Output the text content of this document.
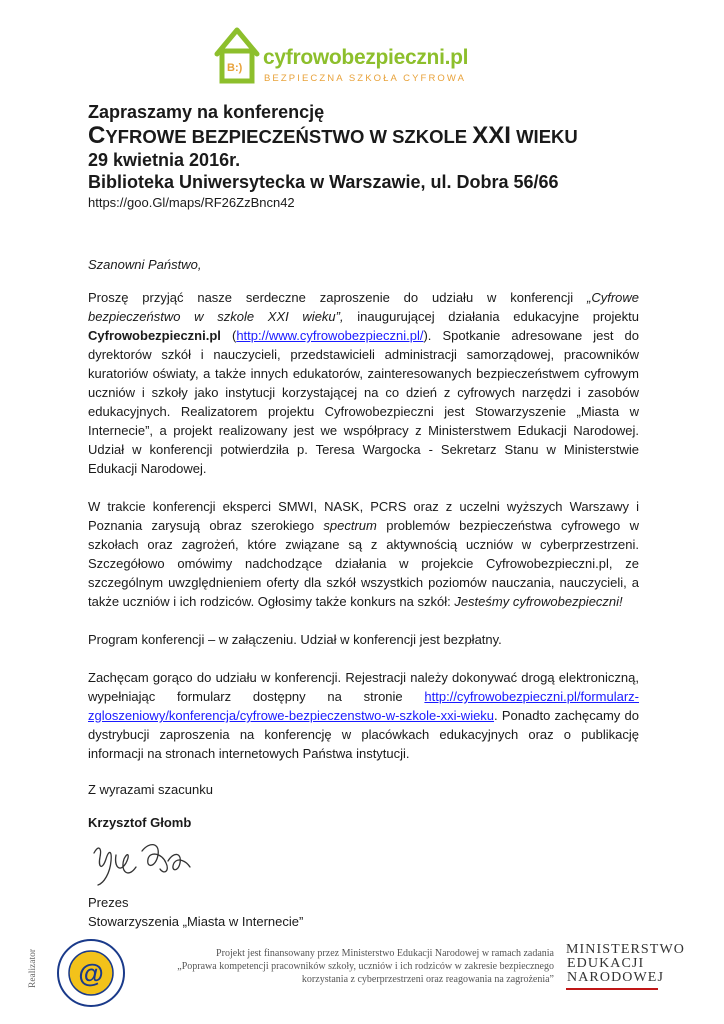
B:) cyfrowobezpieczni.pl
BEZPIECZNA SZKOŁA CYFROWA
Zapraszamy na konferencję
CYFROWE BEZPIECZEŃSTWO W SZKOLE XXI WIEKU
29 kwietnia 2016r.
Biblioteka Uniwersytecka w Warszawie, ul. Dobra 56/66
https://goo.Gl/maps/RF26ZzBncn42

Szanowni Państwo,

Proszę przyjąć nasze serdeczne zaproszenie do udziału w konferencji „Cyfrowe bezpieczeństwo w szkole XXI wieku”, inaugurującej działania edukacyjne projektu Cyfrowobezpieczni.pl (http://www.cyfrowobezpieczni.pl/). Spotkanie adresowane jest do dyrektorów szkół i nauczycieli, przedstawicieli administracji samorządowej, pracowników kuratoriów oświaty, a także innych edukatorów, zainteresowanych bezpieczeństwem cyfrowym uczniów i szkoły jako instytucji korzystającej na co dzień z cyfrowych narzędzi i zasobów edukacyjnych. Realizatorem projektu Cyfrowobezpieczni jest Stowarzyszenie „Miasta w Internecie”, a projekt realizowany jest we współpracy z Ministerstwem Edukacji Narodowej. Udział w konferencji potwierdziła p. Teresa Wargocka - Sekretarz Stanu w Ministerstwie Edukacji Narodowej.

W trakcie konferencji eksperci SMWI, NASK, PCRS oraz z uczelni wyższych Warszawy i Poznania zarysują obraz szerokiego spectrum problemów bezpieczeństwa cyfrowego w szkołach oraz zagrożeń, które związane są z aktywnością uczniów w cyberprzestrzeni. Szczegółowo omówimy nadchodzące działania w projekcie Cyfrowobezpieczni.pl, ze szczególnym uwzględnieniem oferty dla szkół wszystkich poziomów nauczania, nauczycieli, a także uczniów i ich rodziców. Ogłosimy także konkurs na szkół: Jesteśmy cyfrowobezpieczni!

Program konferencji – w załączeniu. Udział w konferencji jest bezpłatny.

Zachęcam gorąco do udziału w konferencji. Rejestracji należy dokonywać drogą elektroniczną, wypełniając formularz dostępny na stronie http://cyfrowobezpieczni.pl/formularz-zgloszeniowy/konferencja/cyfrowe-bezpieczenstwo-w-szkole-xxi-wieku. Ponadto zachęcamy do dystrybucji zaproszenia na konferencję w placówkach edukacyjnych oraz o publikację informacji na stronach internetowych Państwa instytucji.

Z wyrazami szacunku

Krzysztof Głomb

Prezes
Stowarzyszenia „Miasta w Internecie”
Realizator @
Projekt jest finansowany przez Ministerstwo Edukacji Narodowej w ramach zadania
„Poprawa kompetencji pracowników szkoły, uczniów i ich rodziców w zakresie bezpiecznego
korzystania z cyberprzestrzeni oraz reagowania na zagrożenia”
MINISTERSTWO
EDUKACJI
NARODOWEJ
